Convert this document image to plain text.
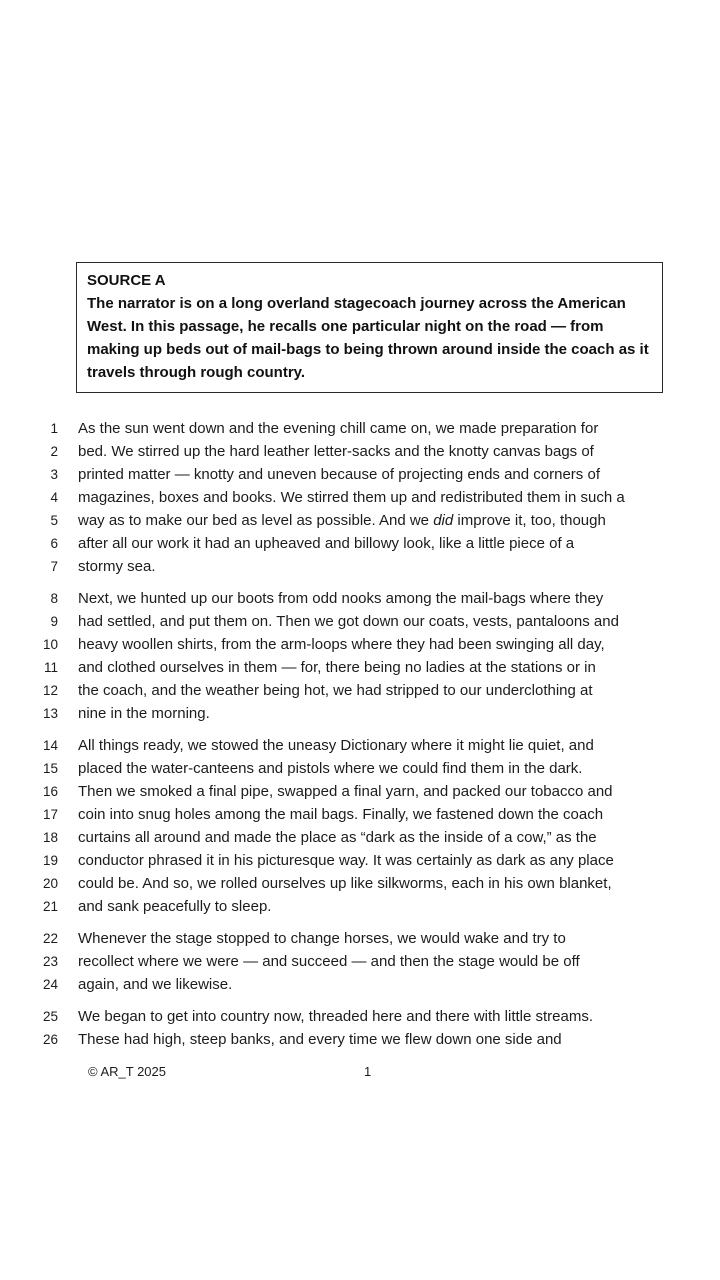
SOURCE A
The narrator is on a long overland stagecoach journey across the American
West. In this passage, he recalls one particular night on the road — from
making up beds out of mail-bags to being thrown around inside the coach as it
travels through rough country.
1	As the sun went down and the evening chill came on, we made preparation for
2	bed. We stirred up the hard leather letter-sacks and the knotty canvas bags of
3	printed matter — knotty and uneven because of projecting ends and corners of
4	magazines, boxes and books. We stirred them up and redistributed them in such a
5	way as to make our bed as level as possible. And we did improve it, too, though
6	after all our work it had an upheaved and billowy look, like a little piece of a
7	stormy sea.
8	Next, we hunted up our boots from odd nooks among the mail-bags where they
9	had settled, and put them on. Then we got down our coats, vests, pantaloons and
10	heavy woollen shirts, from the arm-loops where they had been swinging all day,
11	and clothed ourselves in them — for, there being no ladies at the stations or in
12	the coach, and the weather being hot, we had stripped to our underclothing at
13	nine in the morning.
14	All things ready, we stowed the uneasy Dictionary where it might lie quiet, and
15	placed the water-canteens and pistols where we could find them in the dark.
16	Then we smoked a final pipe, swapped a final yarn, and packed our tobacco and
17	coin into snug holes among the mail bags. Finally, we fastened down the coach
18	curtains all around and made the place as “dark as the inside of a cow,” as the
19	conductor phrased it in his picturesque way. It was certainly as dark as any place
20	could be. And so, we rolled ourselves up like silkworms, each in his own blanket,
21	and sank peacefully to sleep.
22	Whenever the stage stopped to change horses, we would wake and try to
23	recollect where we were — and succeed — and then the stage would be off
24	again, and we likewise.
25	We began to get into country now, threaded here and there with little streams.
26	These had high, steep banks, and every time we flew down one side and
© AR_T 2025	1
